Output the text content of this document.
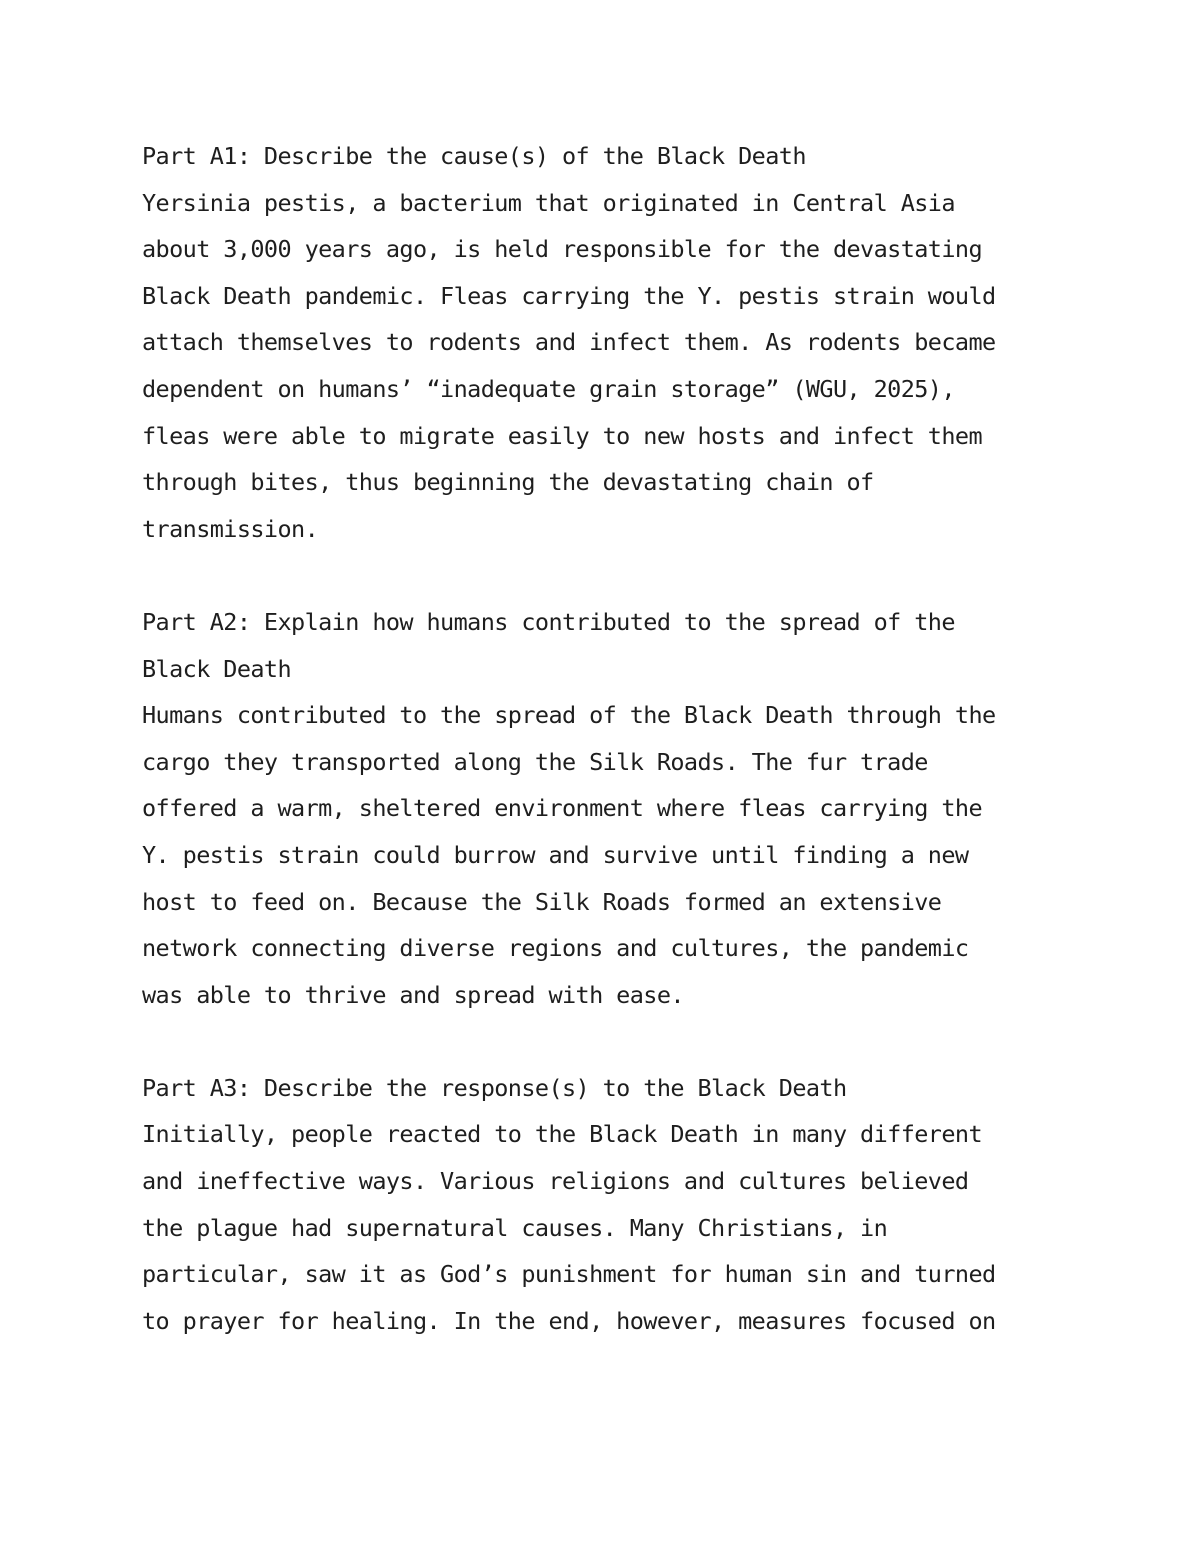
Part A1: Describe the cause(s) of the Black Death
Yersinia pestis, a bacterium that originated in Central Asia
about 3,000 years ago, is held responsible for the devastating
Black Death pandemic. Fleas carrying the Y. pestis strain would
attach themselves to rodents and infect them. As rodents became
dependent on humans’ “inadequate grain storage” (WGU, 2025),
fleas were able to migrate easily to new hosts and infect them
through bites, thus beginning the devastating chain of
transmission.
Part A2: Explain how humans contributed to the spread of the
Black Death
Humans contributed to the spread of the Black Death through the
cargo they transported along the Silk Roads. The fur trade
offered a warm, sheltered environment where fleas carrying the
Y. pestis strain could burrow and survive until finding a new
host to feed on. Because the Silk Roads formed an extensive
network connecting diverse regions and cultures, the pandemic
was able to thrive and spread with ease.
Part A3: Describe the response(s) to the Black Death
Initially, people reacted to the Black Death in many different
and ineffective ways. Various religions and cultures believed
the plague had supernatural causes. Many Christians, in
particular, saw it as God’s punishment for human sin and turned
to prayer for healing. In the end, however, measures focused on
